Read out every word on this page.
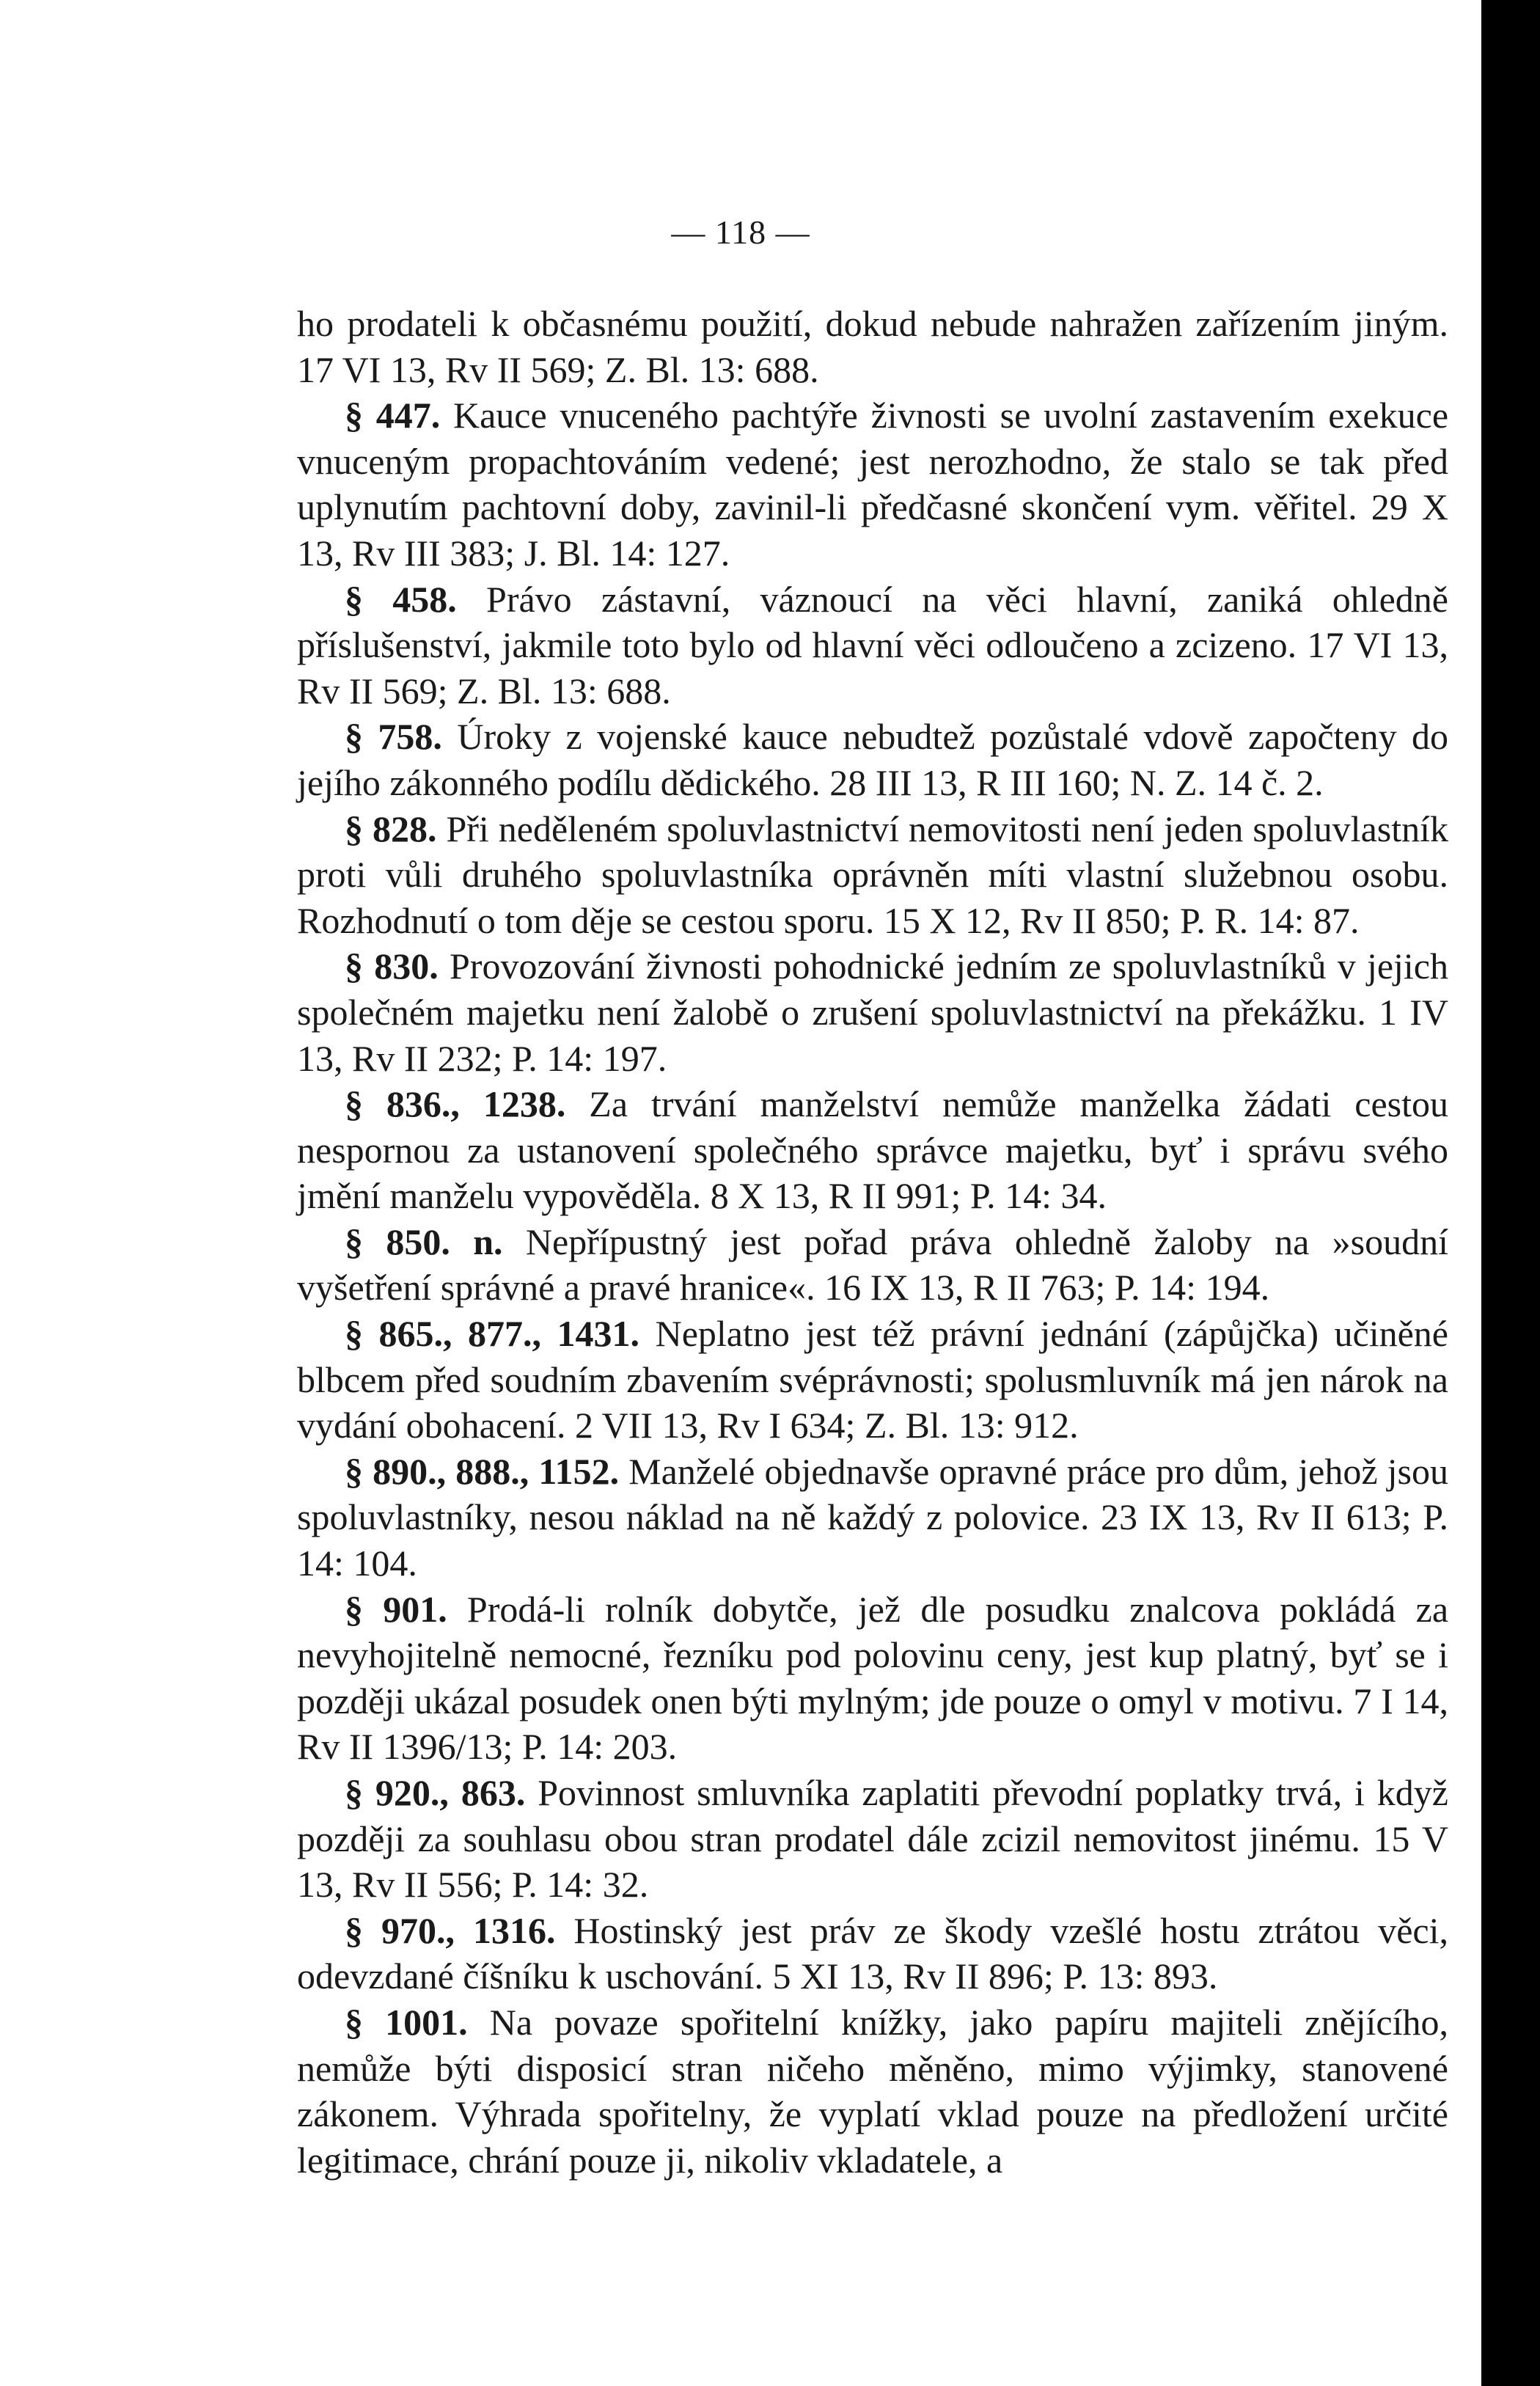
— 118 —

ho prodateli k občasnému použití, dokud nebude nahražen zařízením jiným. 17 VI 13, Rv II 569; Z. Bl. 13: 688.

§ 447. Kauce vnuceného pachtýře živnosti se uvolní zastavením exekuce vnuceným propachtováním vedené; jest nerozhodno, že stalo se tak před uplynutím pachtovní doby, zavinil-li předčasné skončení vym. věřitel. 29 X 13, Rv III 383; J. Bl. 14: 127.

§ 458. Právo zástavní, váznoucí na věci hlavní, zaniká ohledně příslušenství, jakmile toto bylo od hlavní věci odloučeno a zcizeno. 17 VI 13, Rv II 569; Z. Bl. 13: 688.

§ 758. Úroky z vojenské kauce nebudtež pozůstalé vdově započteny do jejího zákonného podílu dědického. 28 III 13, R III 160; N. Z. 14 č. 2.

§ 828. Při neděleném spoluvlastnictví nemovitosti není jeden spoluvlastník proti vůli druhého spoluvlastníka oprávněn míti vlastní služebnou osobu. Rozhodnutí o tom děje se cestou sporu. 15 X 12, Rv II 850; P. R. 14: 87.

§ 830. Provozování živnosti pohodnické jedním ze spoluvlastníků v jejich společném majetku není žalobě o zrušení spoluvlastnictví na překážku. 1 IV 13, Rv II 232; P. 14: 197.

§ 836., 1238. Za trvání manželství nemůže manželka žádati cestou nespornou za ustanovení společného správce majetku, byť i správu svého jmění manželu vypověděla. 8 X 13, R II 991; P. 14: 34.

§ 850. n. Nepřípustný jest pořad práva ohledně žaloby na »soudní vyšetření správné a pravé hranice«. 16 IX 13, R II 763; P. 14: 194.

§ 865., 877., 1431. Neplatno jest též právní jednání (zápůjčka) učiněné blbcem před soudním zbavením svéprávnosti; spolusmluvník má jen nárok na vydání obohacení. 2 VII 13, Rv I 634; Z. Bl. 13: 912.

§ 890., 888., 1152. Manželé objednavše opravné práce pro dům, jehož jsou spoluvlastníky, nesou náklad na ně každý z polovice. 23 IX 13, Rv II 613; P. 14: 104.

§ 901. Prodá-li rolník dobytče, jež dle posudku znalcova pokládá za nevyhojitelně nemocné, řezníku pod polovinu ceny, jest kup platný, byť se i později ukázal posudek onen býti mylným; jde pouze o omyl v motivu. 7 I 14, Rv II 1396/13; P. 14: 203.

§ 920., 863. Povinnost smluvníka zaplatiti převodní poplatky trvá, i když později za souhlasu obou stran prodatel dále zcizil nemovitost jinému. 15 V 13, Rv II 556; P. 14: 32.

§ 970., 1316. Hostinský jest práv ze škody vzešlé hostu ztrátou věci, odevzdané číšníku k uschování. 5 XI 13, Rv II 896; P. 13: 893.

§ 1001. Na povaze spořitelní knížky, jako papíru majiteli znějícího, nemůže býti disposicí stran ničeho měněno, mimo výjimky, stanovené zákonem. Výhrada spořitelny, že vyplatí vklad pouze na předložení určité legitimace, chrání pouze ji, nikoliv vkladatele, a
